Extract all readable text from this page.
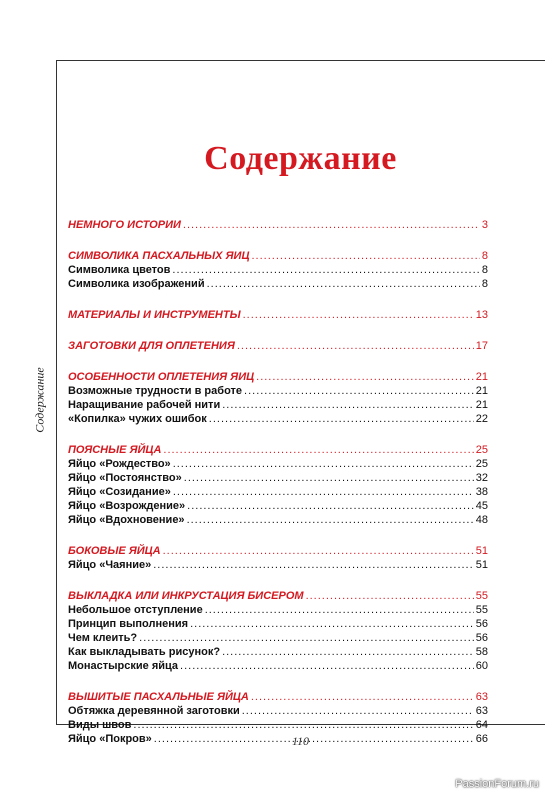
Содержание
Содержание
НЕМНОГО ИСТОРИИ .....	3
СИМВОЛИКА ПАСХАЛЬНЫХ ЯИЦ .....	8
Символика цветов .....	8
Символика изображений .....	8
МАТЕРИАЛЫ И ИНСТРУМЕНТЫ .....	13
ЗАГОТОВКИ ДЛЯ ОПЛЕТЕНИЯ .....	17
ОСОБЕННОСТИ ОПЛЕТЕНИЯ ЯИЦ .....	21
Возможные трудности в работе .....	21
Наращивание рабочей нити .....	21
«Копилка» чужих ошибок .....	22
ПОЯСНЫЕ ЯЙЦА .....	25
Яйцо «Рождество» .....	25
Яйцо «Постоянство» .....	32
Яйцо «Созидание» .....	38
Яйцо «Возрождение» .....	45
Яйцо «Вдохновение» .....	48
БОКОВЫЕ ЯЙЦА .....	51
Яйцо «Чаяние» .....	51
ВЫКЛАДКА ИЛИ ИНКРУСТАЦИЯ БИСЕРОМ .....	55
Небольшое отступление .....	55
Принцип выполнения .....	56
Чем клеить? .....	56
Как выкладывать рисунок? .....	58
Монастырские яйца .....	60
ВЫШИТЫЕ ПАСХАЛЬНЫЕ ЯЙЦА .....	63
Обтяжка деревянной заготовки .....	63
Виды швов .....	64
Яйцо «Покров» .....	66
110
PassionForum.ru
